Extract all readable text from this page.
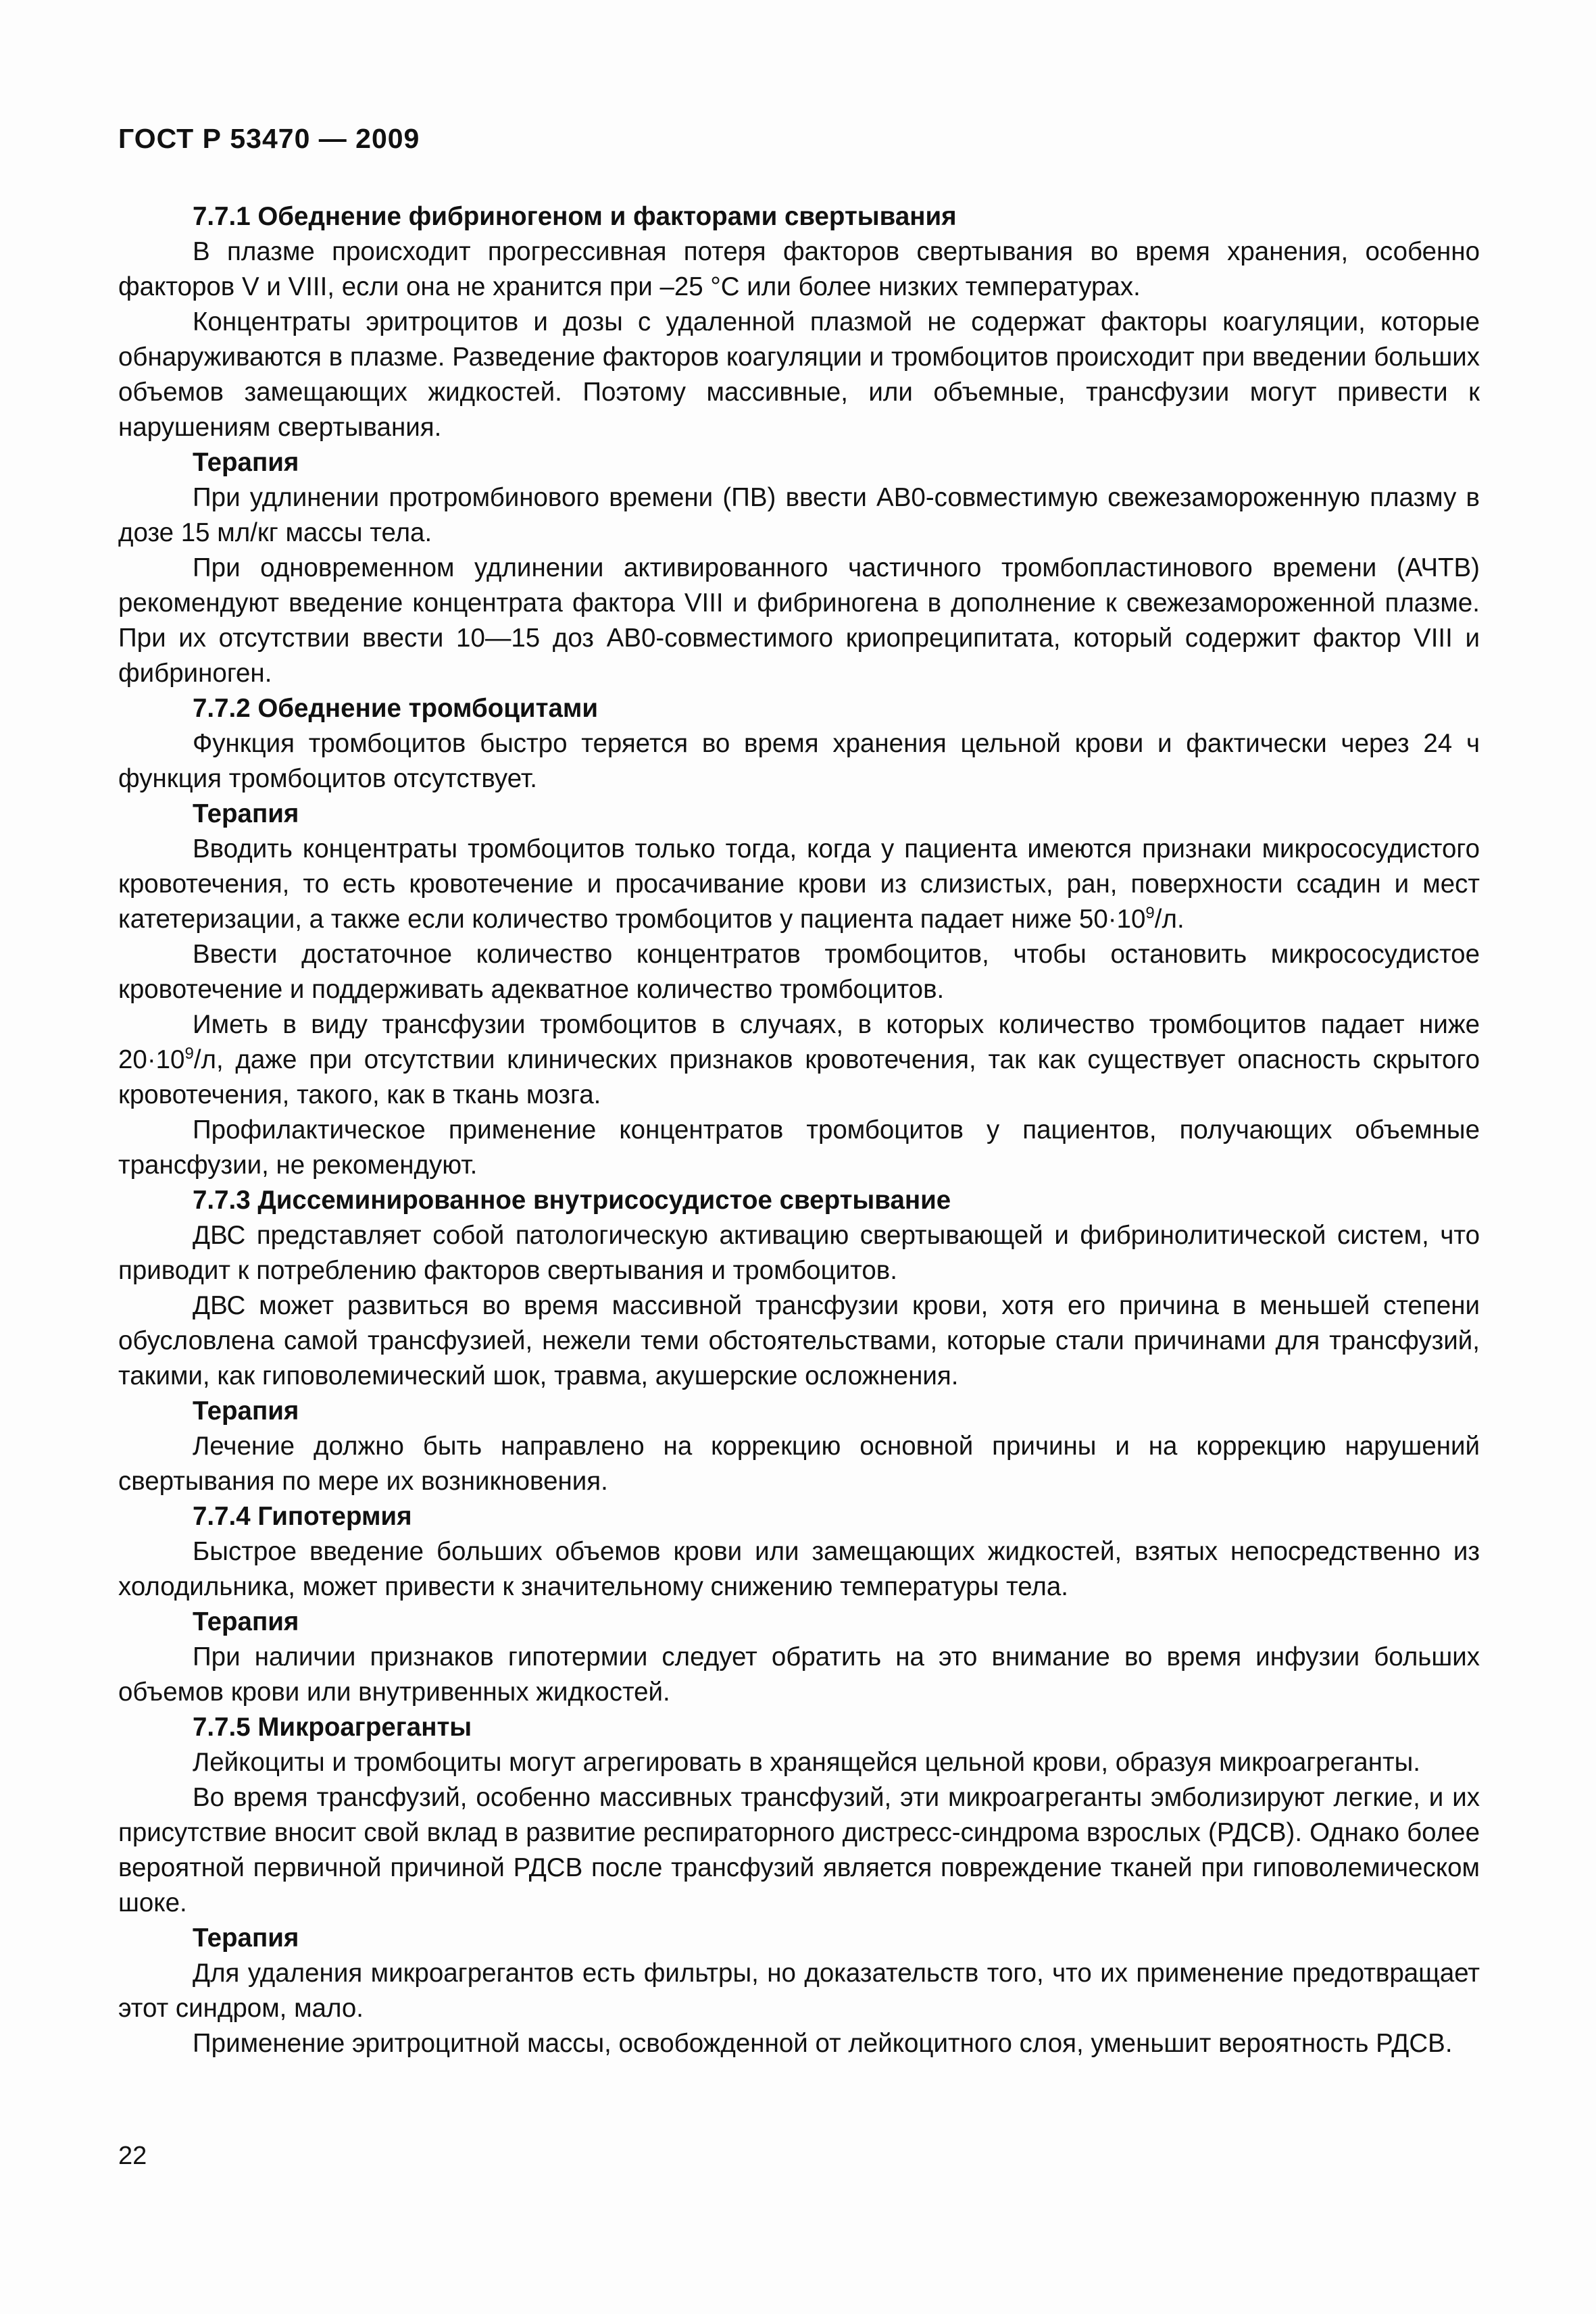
ГОСТ Р 53470 — 2009
7.7.1 Обеднение фибриногеном и факторами свертывания

В плазме происходит прогрессивная потеря факторов свертывания во время хранения, особенно факторов V и VIII, если она не хранится при –25 °С или более низких температурах.

Концентраты эритроцитов и дозы с удаленной плазмой не содержат факторы коагуляции, которые обнаруживаются в плазме. Разведение факторов коагуляции и тромбоцитов происходит при введении больших объемов замещающих жидкостей. Поэтому массивные, или объемные, трансфузии могут привести к нарушениям свертывания.

Терапия

При удлинении протромбинового времени (ПВ) ввести АВ0-совместимую свежезамороженную плазму в дозе 15 мл/кг массы тела.

При одновременном удлинении активированного частичного тромбопластинового времени (АЧТВ) рекомендуют введение концентрата фактора VIII и фибриногена в дополнение к свежезамороженной плазме. При их отсутствии ввести 10—15 доз АВ0-совместимого криопреципитата, который содержит фактор VIII и фибриноген.

7.7.2 Обеднение тромбоцитами

Функция тромбоцитов быстро теряется во время хранения цельной крови и фактически через 24 ч функция тромбоцитов отсутствует.

Терапия

Вводить концентраты тромбоцитов только тогда, когда у пациента имеются признаки микрососудистого кровотечения, то есть кровотечение и просачивание крови из слизистых, ран, поверхности ссадин и мест катетеризации, а также если количество тромбоцитов у пациента падает ниже $50\cdot 10^9/л$.

Ввести достаточное количество концентратов тромбоцитов, чтобы остановить микрососудистое кровотечение и поддерживать адекватное количество тромбоцитов.

Иметь в виду трансфузии тромбоцитов в случаях, в которых количество тромбоцитов падает ниже $20\cdot 10^9/л$, даже при отсутствии клинических признаков кровотечения, так как существует опасность скрытого кровотечения, такого, как в ткань мозга.

Профилактическое применение концентратов тромбоцитов у пациентов, получающих объемные трансфузии, не рекомендуют.

7.7.3 Диссеминированное внутрисосудистое свертывание

ДВС представляет собой патологическую активацию свертывающей и фибринолитической систем, что приводит к потреблению факторов свертывания и тромбоцитов.

ДВС может развиться во время массивной трансфузии крови, хотя его причина в меньшей степени обусловлена самой трансфузией, нежели теми обстоятельствами, которые стали причинами для трансфузий, такими, как гиповолемический шок, травма, акушерские осложнения.

Терапия

Лечение должно быть направлено на коррекцию основной причины и на коррекцию нарушений свертывания по мере их возникновения.

7.7.4 Гипотермия

Быстрое введение больших объемов крови или замещающих жидкостей, взятых непосредственно из холодильника, может привести к значительному снижению температуры тела.

Терапия

При наличии признаков гипотермии следует обратить на это внимание во время инфузии больших объемов крови или внутривенных жидкостей.

7.7.5 Микроагреганты

Лейкоциты и тромбоциты могут агрегировать в хранящейся цельной крови, образуя микроагреганты.

Во время трансфузий, особенно массивных трансфузий, эти микроагреганты эмболизируют легкие, и их присутствие вносит свой вклад в развитие респираторного дистресс-синдрома взрослых (РДСВ). Однако более вероятной первичной причиной РДСВ после трансфузий является повреждение тканей при гиповолемическом шоке.

Терапия

Для удаления микроагрегантов есть фильтры, но доказательств того, что их применение предотвращает этот синдром, мало.

Применение эритроцитной массы, освобожденной от лейкоцитного слоя, уменьшит вероятность РДСВ.

22
